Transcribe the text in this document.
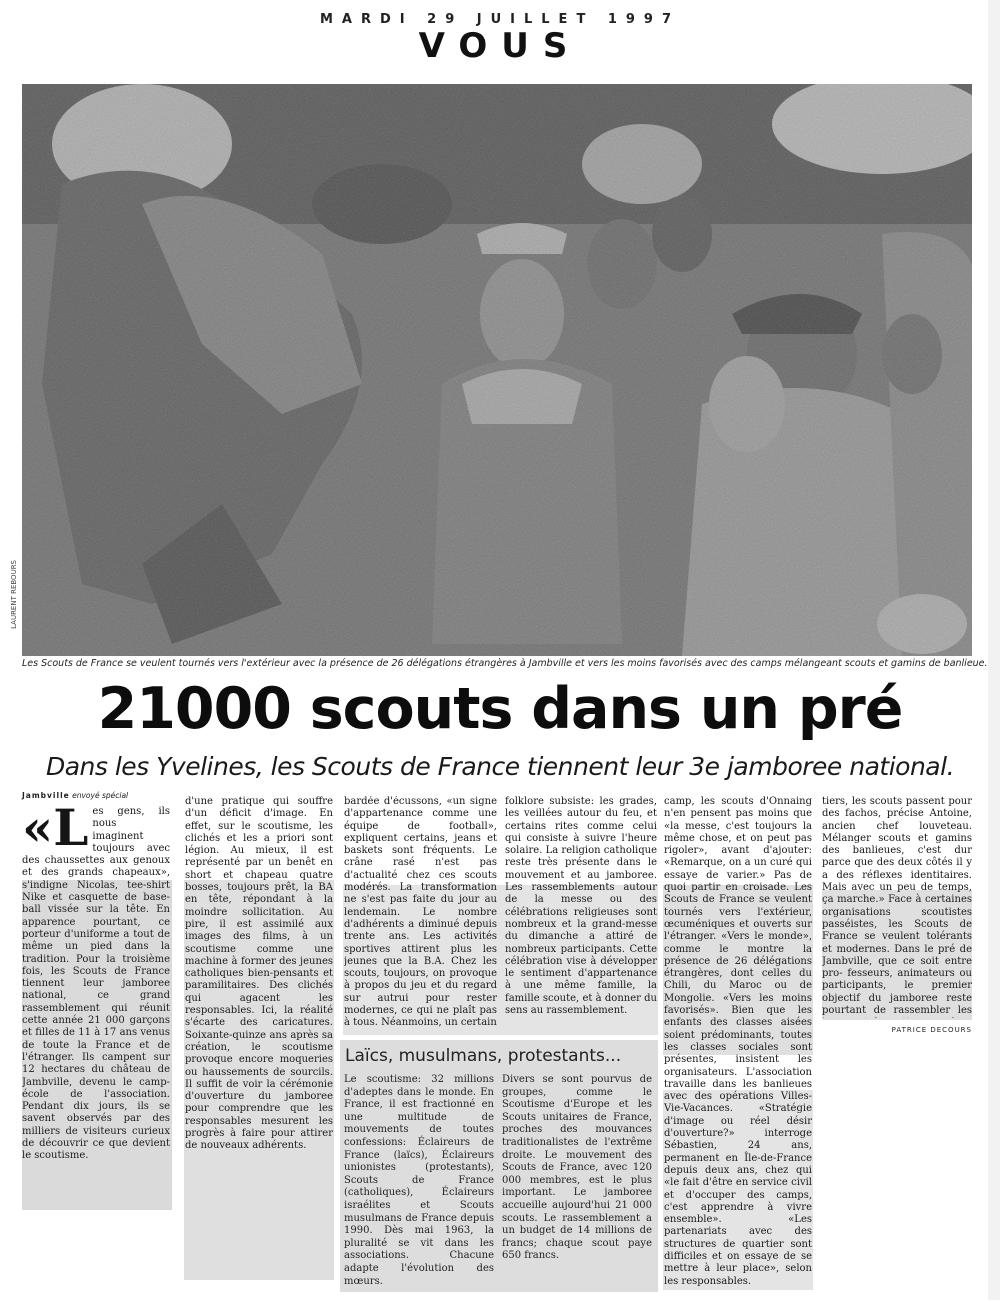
MARDI 29 JUILLET 1997
VOUS
LAURENT REBOURS
Les Scouts de France se veulent tournés vers l'extérieur avec la présence de 26 délégations étrangères à Jambville et vers les moins favorisés avec des camps mélangeant scouts et gamins de banlieue.
21000 scouts dans un pré
Dans les Yvelines, les Scouts de France tiennent leur 3e jamboree national.
Jambville envoyé spécial
«L es gens, ils nous imaginent toujours avec des chaussettes aux genoux et des grands chapeaux», s'indigne Nicolas, tee-shirt Nike et casquette de base-ball vissée sur la tête. En apparence pourtant, ce porteur d'uniforme a tout de même un pied dans la tradition. Pour la troisième fois, les Scouts de France tiennent leur jamboree national, ce grand rassemblement qui réunit cette année 21 000 garçons et filles de 11 à 17 ans venus de toute la France et de l'étranger. Ils campent sur 12 hectares du château de Jambville, devenu le camp-école de l'association. Pendant dix jours, ils se savent observés par des milliers de visiteurs curieux de découvrir ce que devient le scoutisme.

d'une pratique qui souffre d'un déficit d'image. En effet, sur le scoutisme, les clichés et les a priori sont légion. Au mieux, il est représenté par un benêt en short et chapeau quatre bosses, toujours prêt, la BA en tête, répondant à la moindre sollicitation. Au pire, il est assimilé aux images des films, à un scoutisme comme une machine à former des jeunes catholiques bien-pensants et paramilitaires. Des clichés qui agacent les responsables. Ici, la réalité s'écarte des caricatures. Soixante-quinze ans après sa création, le scoutisme provoque encore moqueries ou haussements de sourcils. Il suffit de voir la cérémonie d'ouverture du jamboree pour comprendre que les responsables mesurent les progrès à faire pour attirer de nouveaux adhérents.

bardée d'écussons, «un signe d'appartenance comme une équipe de football», expliquent certains, jeans et baskets sont fréquents. Le crâne rasé n'est pas d'actualité chez ces scouts modérés. La transformation ne s'est pas faite du jour au lendemain. Le nombre d'adhérents a diminué depuis trente ans. Les activités sportives attirent plus les jeunes que la B.A. Chez les scouts, toujours, on provoque à propos du jeu et du regard sur autrui pour rester modernes, ce qui ne plaît pas à tous. Néanmoins, un certain

folklore subsiste: les grades, les veillées autour du feu, et certains rites comme celui qui consiste à suivre l'heure solaire. La religion catholique reste très présente dans le mouvement et au jamboree. Les rassemblements autour de la messe ou des célébrations religieuses sont nombreux et la grand-messe du dimanche a attiré de nombreux participants. Cette célébration vise à développer le sentiment d'appartenance à une même famille, la famille scoute, et à donner du sens au rassemblement.

camp, les scouts d'Onnaing n'en pensent pas moins que «la messe, c'est toujours la même chose, et on peut pas rigoler», avant d'ajouter: «Remarque, on a un curé qui essaye de varier.» Pas de quoi partir en croisade. Les Scouts de France se veulent tournés vers l'extérieur, œcuméniques et ouverts sur l'étranger. «Vers le monde», comme le montre la présence de 26 délégations étrangères, dont celles du Chili, du Maroc ou de Mongolie. «Vers les moins favorisés». Bien que les enfants des classes aisées soient prédominants, toutes les classes sociales sont présentes, insistent les organisateurs. L'association travaille dans les banlieues avec des opérations Villes-Vie-Vacances. «Stratégie d'image ou réel désir d'ouverture?» interroge Sébastien, 24 ans, permanent en Île-de-France depuis deux ans, chez qui «le fait d'être en service civil et d'occuper des camps, c'est apprendre à vivre ensemble». «Les partenariats avec des structures de quartier sont difficiles et on essaye de se mettre à leur place», selon les responsables.

tiers, les scouts passent pour des fachos, précise Antoine, ancien chef louveteau. Mélanger scouts et gamins des banlieues, c'est dur parce que des deux côtés il y a des réflexes identitaires. Mais avec un peu de temps, ça marche.» Face à certaines organisations scoutistes passéistes, les Scouts de France se veulent tolérants et modernes. Dans le pré de Jambville, que ce soit entre pro- fesseurs, animateurs ou participants, le premier objectif du jamboree reste pourtant de rassembler les

PATRICE DECOURS
Laïcs, musulmans, protestants...

Le scoutisme: 32 millions d'adeptes dans le monde. En France, il est fractionné en une multitude de mouvements de toutes confessions: Éclaireurs de France (laïcs), Éclaireurs unionistes (protestants), Scouts de France (catholiques), Éclaireurs israélites et Scouts musulmans de France depuis 1990. Dès mai 1963, la pluralité se vit dans les associations. Chacune adapte l'évolution des mœurs.

Divers se sont pourvus de groupes, comme le Scoutisme d'Europe et les Scouts unitaires de France, proches des mouvances traditionalistes de l'extrême droite. Le mouvement des Scouts de France, avec 120 000 membres, est le plus important. Le jamboree accueille aujourd'hui 21 000 scouts. Le rassemblement a un budget de 14 millions de francs; chaque scout paye 650 francs.
